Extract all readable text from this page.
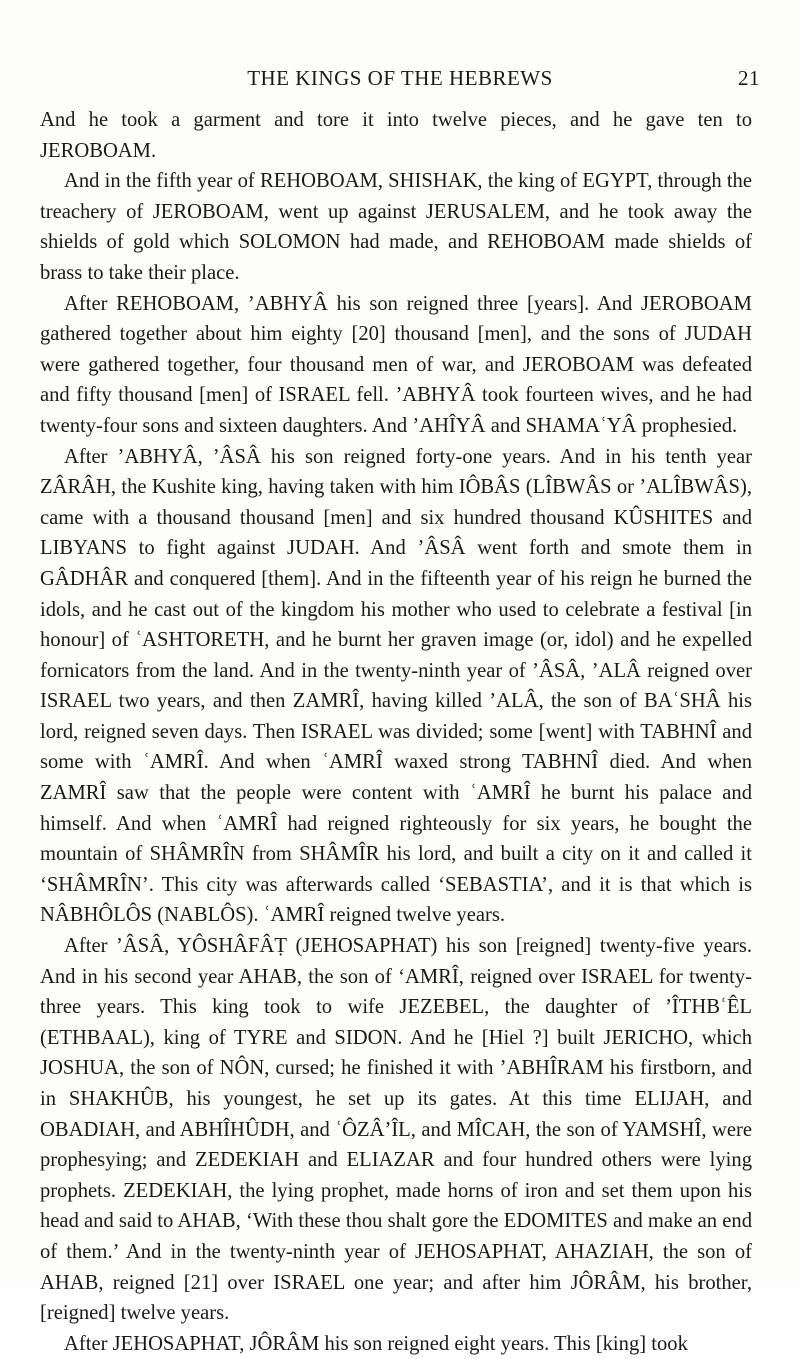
THE KINGS OF THE HEBREWS	21

And he took a garment and tore it into twelve pieces, and he gave ten to JEROBOAM.

And in the fifth year of REHOBOAM, SHISHAK, the king of EGYPT, through the treachery of JEROBOAM, went up against JERUSALEM, and he took away the shields of gold which SOLOMON had made, and REHOBOAM made shields of brass to take their place.

After REHOBOAM, ’ABHYÂ his son reigned three [years]. And JEROBOAM gathered together about him eighty [20] thousand [men], and the sons of JUDAH were gathered together, four thousand men of war, and JEROBOAM was defeated and fifty thousand [men] of ISRAEL fell. ’ABHYÂ took fourteen wives, and he had twenty-four sons and sixteen daughters. And ’AHÎYÂ and SHAMAʿYÂ prophesied.

After ’ABHYÂ, ’ÂSÂ his son reigned forty-one years. And in his tenth year ZÂRÂH, the Kushite king, having taken with him IÔBÂS (LÎBWÂS or ’ALÎBWÂS), came with a thousand thousand [men] and six hundred thousand KÛSHITES and LIBYANS to fight against JUDAH. And ’ÂSÂ went forth and smote them in GÂDHÂR and conquered [them]. And in the fifteenth year of his reign he burned the idols, and he cast out of the kingdom his mother who used to celebrate a festival [in honour] of ʿASHTORETH, and he burnt her graven image (or, idol) and he expelled fornicators from the land. And in the twenty-ninth year of ’ÂSÂ, ’ALÂ reigned over ISRAEL two years, and then ZAMRÎ, having killed ’ALÂ, the son of BAʿSHÂ his lord, reigned seven days. Then ISRAEL was divided; some [went] with TABHNÎ and some with ʿAMRÎ. And when ʿAMRÎ waxed strong TABHNÎ died. And when ZAMRÎ saw that the people were content with ʿAMRÎ he burnt his palace and himself. And when ʿAMRÎ had reigned righteously for six years, he bought the mountain of SHÂMRÎN from SHÂMÎR his lord, and built a city on it and called it ‘SHÂMRÎN’. This city was afterwards called ‘SEBASTIA’, and it is that which is NÂBHÔLÔS (NABLÔS). ʿAMRÎ reigned twelve years.

After ’ÂSÂ, YÔSHÂFÂṬ (JEHOSAPHAT) his son [reigned] twenty-five years. And in his second year AHAB, the son of ‘AMRÎ, reigned over ISRAEL for twenty-three years. This king took to wife JEZEBEL, the daughter of ’ÎTHBʿÊL (ETHBAAL), king of TYRE and SIDON. And he [Hiel ?] built JERICHO, which JOSHUA, the son of NÔN, cursed; he finished it with ’ABHÎRAM his firstborn, and in SHAKHÛB, his youngest, he set up its gates. At this time ELIJAH, and OBADIAH, and ABHÎHÛDH, and ʿÔZÂ’ÎL, and MÎCAH, the son of YAMSHÎ, were prophesying; and ZEDEKIAH and ELIAZAR and four hundred others were lying prophets. ZEDEKIAH, the lying prophet, made horns of iron and set them upon his head and said to AHAB, ‘With these thou shalt gore the EDOMITES and make an end of them.’ And in the twenty-ninth year of JEHOSAPHAT, AHAZIAH, the son of AHAB, reigned [21] over ISRAEL one year; and after him JÔRÂM, his brother, [reigned] twelve years.

After JEHOSAPHAT, JÔRÂM his son reigned eight years. This [king] took
